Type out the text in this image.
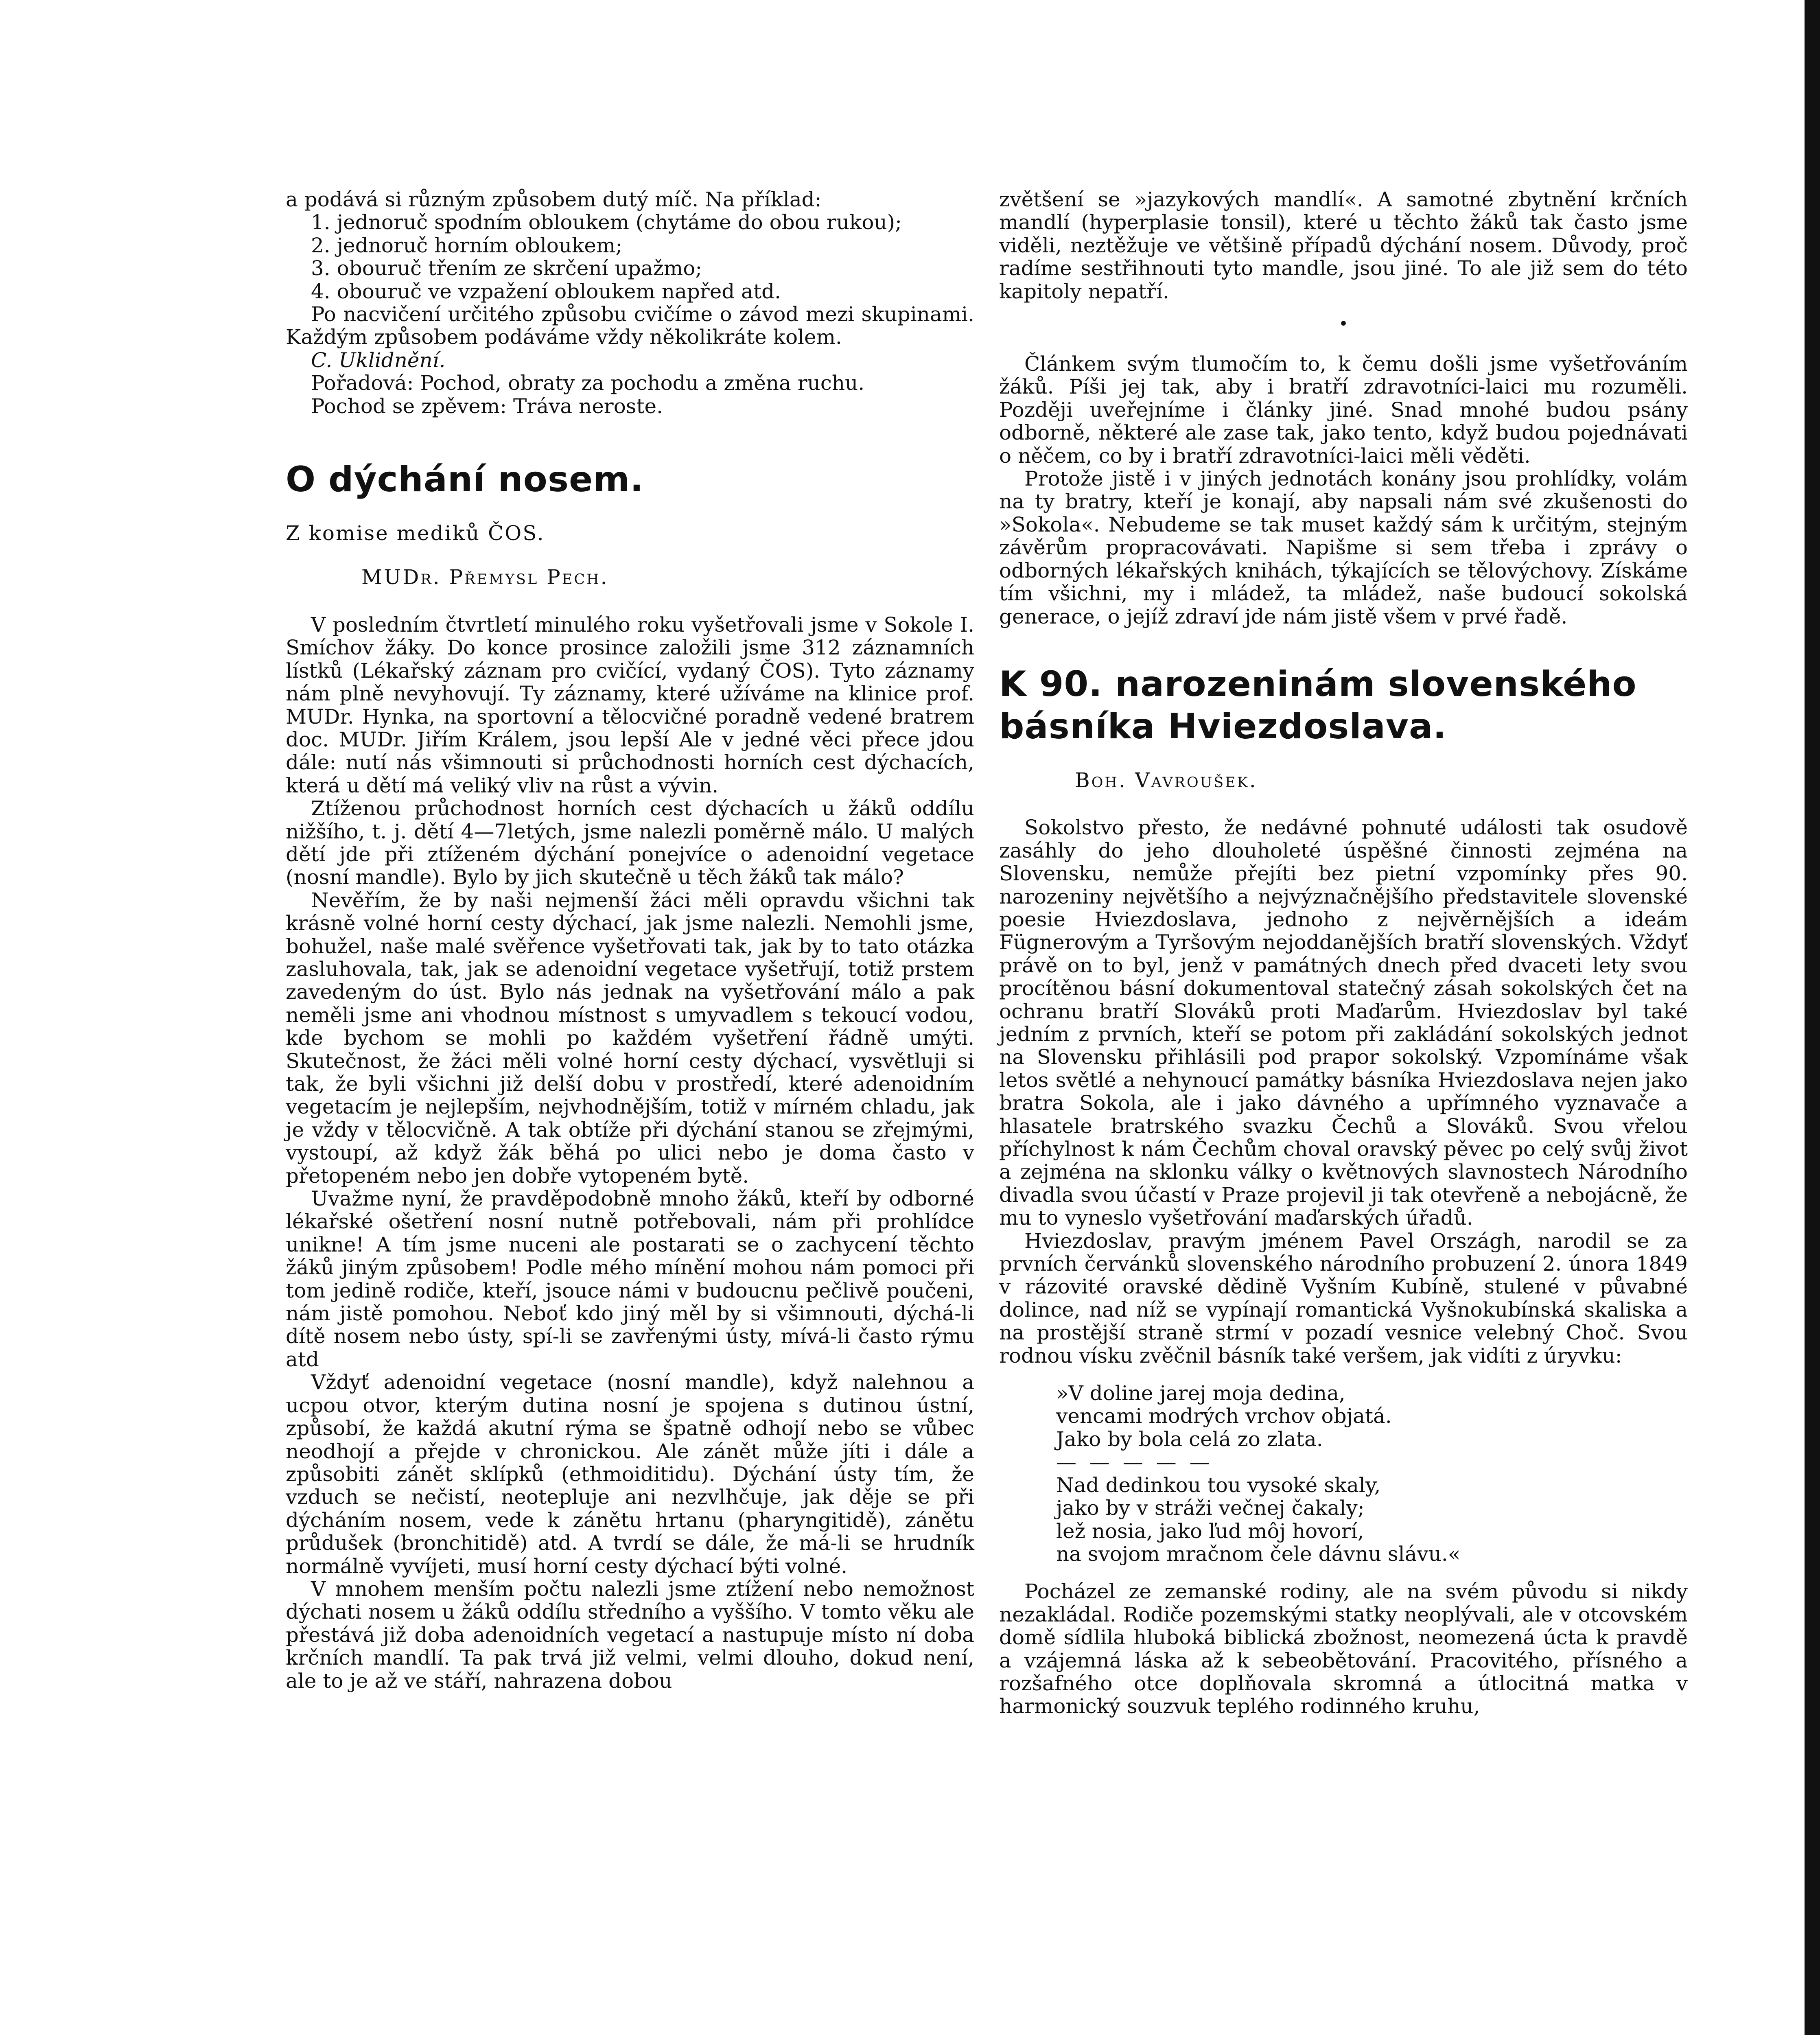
a podává si různým způsobem dutý míč. Na příklad:

1. jednoruč spodním obloukem (chytáme do obou rukou);

2. jednoruč horním obloukem;

3. obouruč třením ze skrčení upažmo;

4. obouruč ve vzpažení obloukem napřed atd.

Po nacvičení určitého způsobu cvičíme o závod mezi skupinami. Každým způsobem podáváme vždy několikráte kolem.

C. Uklidnění.

Pořadová: Pochod, obraty za pochodu a změna ruchu.

Pochod se zpěvem: Tráva neroste.

O dýchání nosem.
Z komise mediků ČOS.
MUDr. Přemysl Pech.

V posledním čtvrtletí minulého roku vyšetřovali jsme v Sokole I. Smíchov žáky. Do konce prosince založili jsme 312 záznamních lístků (Lékařský záznam pro cvičící, vydaný ČOS). Tyto záznamy nám plně nevyhovují. Ty záznamy, které užíváme na klinice prof. MUDr. Hynka, na sportovní a tělocvičné poradně vedené bratrem doc. MUDr. Jiřím Králem, jsou lepší Ale v jedné věci přece jdou dále: nutí nás všimnouti si průchodnosti horních cest dýchacích, která u dětí má veliký vliv na růst a vývin.

Ztíženou průchodnost horních cest dýchacích u žáků oddílu nižšího, t. j. dětí 4—7letých, jsme nalezli poměrně málo. U malých dětí jde při ztíženém dýchání ponejvíce o adenoidní vegetace (nosní mandle). Bylo by jich skutečně u těch žáků tak málo?

Nevěřím, že by naši nejmenší žáci měli opravdu všichni tak krásně volné horní cesty dýchací, jak jsme nalezli. Nemohli jsme, bohužel, naše malé svěřence vyšetřovati tak, jak by to tato otázka zasluhovala, tak, jak se adenoidní vegetace vyšetřují, totiž prstem zavedeným do úst. Bylo nás jednak na vyšetřování málo a pak neměli jsme ani vhodnou místnost s umyvadlem s tekoucí vodou, kde bychom se mohli po každém vyšetření řádně umýti. Skutečnost, že žáci měli volné horní cesty dýchací, vysvětluji si tak, že byli všichni již delší dobu v prostředí, které adenoidním vegetacím je nejlepším, nejvhodnějším, totiž v mírném chladu, jak je vždy v tělocvičně. A tak obtíže při dýchání stanou se zřejmými, vystoupí, až když žák běhá po ulici nebo je doma často v přetopeném nebo jen dobře vytopeném bytě.

Uvažme nyní, že pravděpodobně mnoho žáků, kteří by odborné lékařské ošetření nosní nutně potřebovali, nám při prohlídce unikne! A tím jsme nuceni ale postarati se o zachycení těchto žáků jiným způsobem! Podle mého mínění mohou nám pomoci při tom jedině rodiče, kteří, jsouce námi v budoucnu pečlivě poučeni, nám jistě pomohou. Neboť kdo jiný měl by si všimnouti, dýchá-li dítě nosem nebo ústy, spí-li se zavřenými ústy, mívá-li často rýmu atd

Vždyť adenoidní vegetace (nosní mandle), když nalehnou a ucpou otvor, kterým dutina nosní je spojena s dutinou ústní, způsobí, že každá akutní rýma se špatně odhojí nebo se vůbec neodhojí a přejde v chronickou. Ale zánět může jíti i dále a způsobiti zánět sklípků (ethmoiditidu). Dýchání ústy tím, že vzduch se nečistí, neotepluje ani nezvlhčuje, jak děje se při dýcháním nosem, vede k zánětu hrtanu (pharyngitidě), zánětu průdušek (bronchitidě) atd. A tvrdí se dále, že má-li se hrudník normálně vyvíjeti, musí horní cesty dýchací býti volné.

V mnohem menším počtu nalezli jsme ztížení nebo nemožnost dýchati nosem u žáků oddílu středního a vyššího. V tomto věku ale přestává již doba adenoidních vegetací a nastupuje místo ní doba krčních mandlí. Ta pak trvá již velmi, velmi dlouho, dokud není, ale to je až ve stáří, nahrazena dobou

zvětšení se »jazykových mandlí«. A samotné zbytnění krčních mandlí (hyperplasie tonsil), které u těchto žáků tak často jsme viděli, neztěžuje ve většině případů dýchání nosem. Důvody, proč radíme sestřihnouti tyto mandle, jsou jiné. To ale již sem do této kapitoly nepatří.

•

Článkem svým tlumočím to, k čemu došli jsme vyšetřováním žáků. Píši jej tak, aby i bratří zdravotníci-laici mu rozuměli. Později uveřejníme i články jiné. Snad mnohé budou psány odborně, některé ale zase tak, jako tento, když budou pojednávati o něčem, co by i bratří zdravotníci-laici měli věděti.

Protože jistě i v jiných jednotách konány jsou prohlídky, volám na ty bratry, kteří je konají, aby napsali nám své zkušenosti do »Sokola«. Nebudeme se tak muset každý sám k určitým, stejným závěrům propracovávati. Napišme si sem třeba i zprávy o odborných lékařských knihách, týkajících se tělovýchovy. Získáme tím všichni, my i mládež, ta mládež, naše budoucí sokolská generace, o jejíž zdraví jde nám jistě všem v prvé řadě.

K 90. narozeninám slovenského
básníka Hviezdoslava.
Boh. Vavroušek.

Sokolstvo přesto, že nedávné pohnuté události tak osudově zasáhly do jeho dlouholeté úspěšné činnosti zejména na Slovensku, nemůže přejíti bez pietní vzpomínky přes 90. narozeniny největšího a nejvýznačnějšího představitele slovenské poesie Hviezdoslava, jednoho z nejvěrnějších a ideám Fügnerovým a Tyršovým nejoddanějších bratří slovenských. Vždyť právě on to byl, jenž v památných dnech před dvaceti lety svou procítěnou básní dokumentoval statečný zásah sokolských čet na ochranu bratří Slováků proti Maďarům. Hviezdoslav byl také jedním z prvních, kteří se potom při zakládání sokolských jednot na Slovensku přihlásili pod prapor sokolský. Vzpomínáme však letos světlé a nehynoucí památky básníka Hviezdoslava nejen jako bratra Sokola, ale i jako dávného a upřímného vyznavače a hlasatele bratrského svazku Čechů a Slováků. Svou vřelou příchylnost k nám Čechům choval oravský pěvec po celý svůj život a zejména na sklonku války o květnových slavnostech Národního divadla svou účastí v Praze projevil ji tak otevřeně a nebojácně, že mu to vyneslo vyšetřování maďarských úřadů.

Hviezdoslav, pravým jménem Pavel Országh, narodil se za prvních červánků slovenského národního probuzení 2. února 1849 v rázovité oravské dědině Vyšním Kubíně, stulené v půvabné dolince, nad níž se vypínají romantická Vyšnokubínská skaliska a na prostější straně strmí v pozadí vesnice velebný Choč. Svou rodnou vísku zvěčnil básník také veršem, jak vidíti z úryvku:

»V doline jarej moja dedina,

vencami modrých vrchov objatá.

Jako by bola celá zo zlata.

— — — — —

Nad dedinkou tou vysoké skaly,

jako by v stráži večnej čakaly;

lež nosia, jako ľud môj hovorí,

na svojom mračnom čele dávnu slávu.«

Pocházel ze zemanské rodiny, ale na svém původu si nikdy nezakládal. Rodiče pozemskými statky neoplývali, ale v otcovském domě sídlila hluboká biblická zbožnost, neomezená úcta k pravdě a vzájemná láska až k sebeobětování. Pracovitého, přísného a rozšafného otce doplňovala skromná a útlocitná matka v harmonický souzvuk teplého rodinného kruhu,
